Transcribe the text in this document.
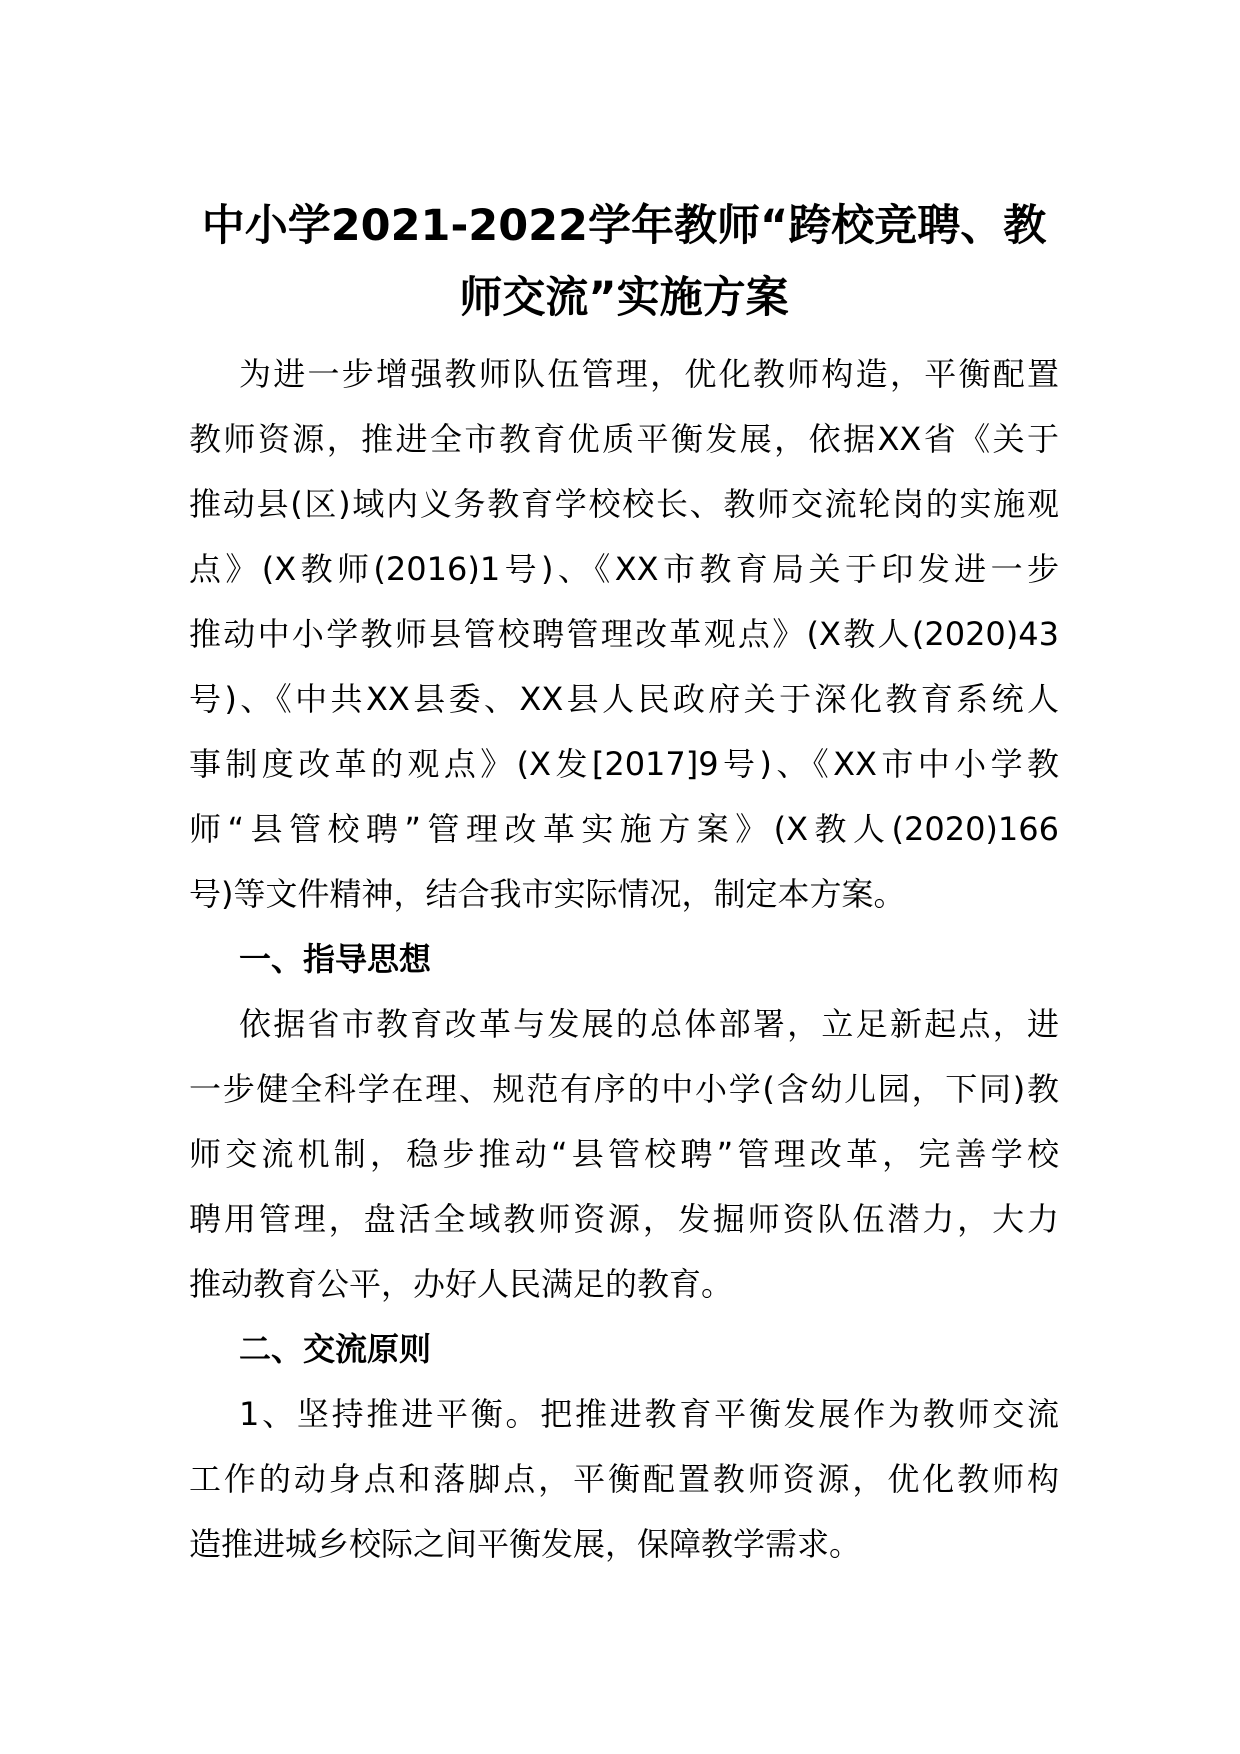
中小学2021-2022学年教师“跨校竞聘、教
师交流”实施方案

为进一步增强教师队伍管理，优化教师构造，平衡配置
教师资源，推进全市教育优质平衡发展，依据XX省《关于
推动县(区)域内义务教育学校校长、教师交流轮岗的实施观
点》(X教师(2016)1号)、《XX市教育局关于印发进一步
推动中小学教师县管校聘管理改革观点》(X教人(2020)43
号)、《中共XX县委、XX县人民政府关于深化教育系统人
事制度改革的观点》(X发[2017]9号)、《XX市中小学教
师“县管校聘”管理改革实施方案》(X教人(2020)166
号)等文件精神，结合我市实际情况，制定本方案。

一、指导思想

依据省市教育改革与发展的总体部署，立足新起点，进
一步健全科学在理、规范有序的中小学(含幼儿园，下同)教
师交流机制，稳步推动“县管校聘”管理改革，完善学校
聘用管理，盘活全域教师资源，发掘师资队伍潜力，大力
推动教育公平，办好人民满足的教育。

二、交流原则

1、坚持推进平衡。把推进教育平衡发展作为教师交流
工作的动身点和落脚点，平衡配置教师资源，优化教师构
造推进城乡校际之间平衡发展，保障教学需求。
